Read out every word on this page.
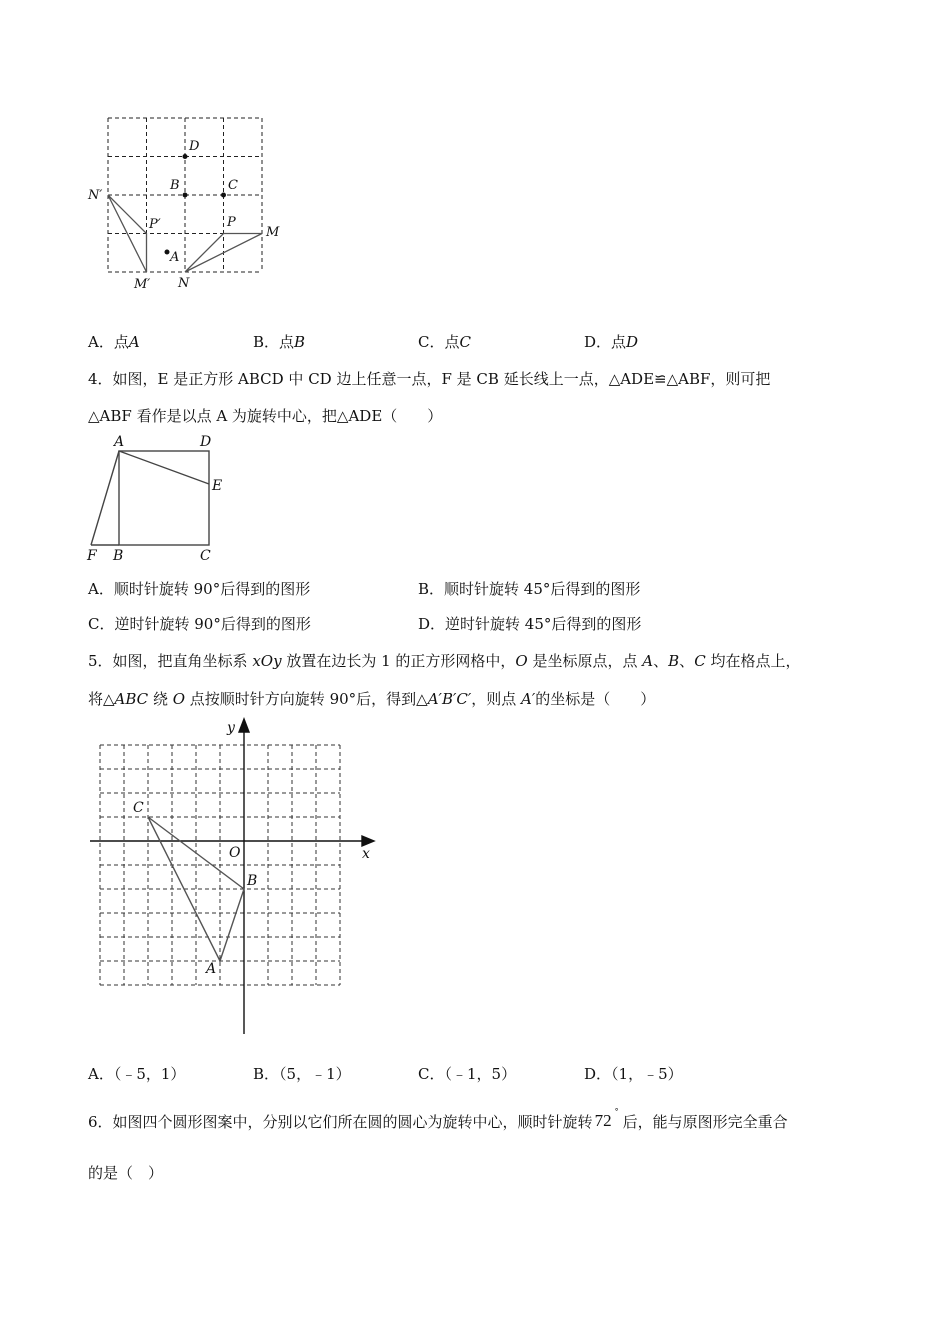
D
B	C
N′
P′	P
M
A
M′ N
A．点A	B．点B	C．点C	D．点D
4．如图，E 是正方形 ABCD 中 CD 边上任意一点，F 是 CB 延长线上一点，△ADE≌△ABF，则可把
△ABF 看作是以点 A 为旋转中心，把△ADE（　　）
A	D
E
F B	C
A．顺时针旋转 90°后得到的图形	B．顺时针旋转 45°后得到的图形
C．逆时针旋转 90°后得到的图形	D．逆时针旋转 45°后得到的图形
5．如图，把直角坐标系 xOy 放置在边长为 1 的正方形网格中，O 是坐标原点，点 A、B、C 均在格点上，
将△ABC 绕 O 点按顺时针方向旋转 90°后，得到△A′B′C′，则点 A′的坐标是（　　）
y
x
O
C
B
A
A．（﹣5，1）	B．（5，﹣1）	C．（﹣1，5）	D．（1，﹣5）
6．如图四个圆形图案中，分别以它们所在圆的圆心为旋转中心，顺时针旋转 72 °
后，能与原图形完全重合
的是（　）
